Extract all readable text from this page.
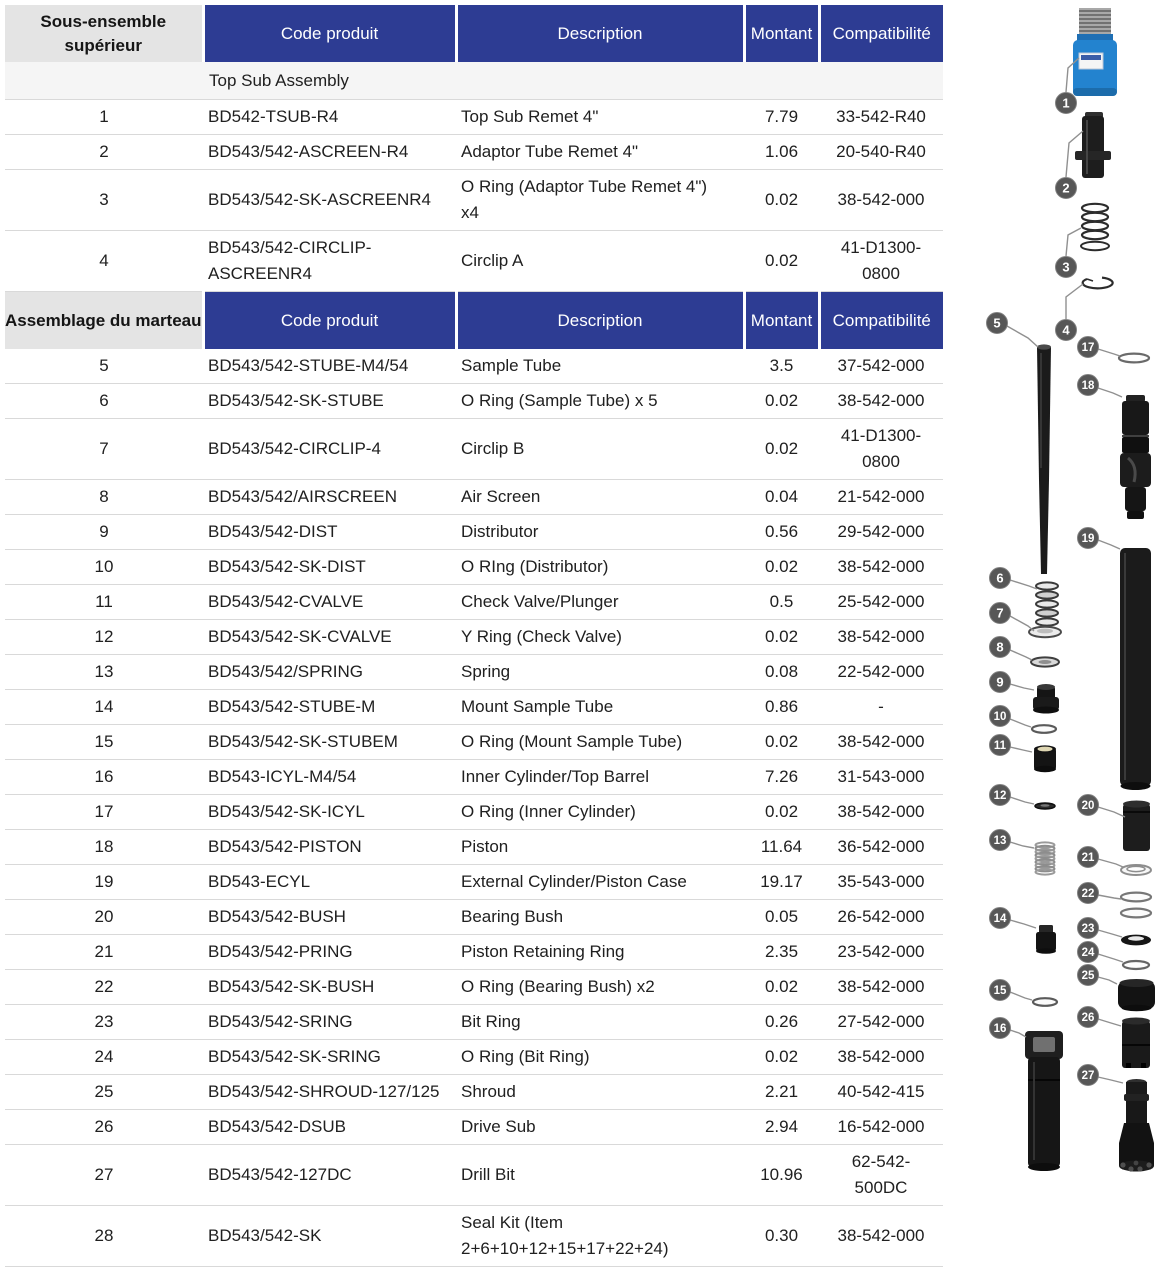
Sous-ensemble supérieur	Code produit	Description	Montant	Compatibilité
	Top Sub Assembly			
1	BD542-TSUB-R4	Top Sub Remet 4"	7.79	33-542-R40
2	BD543/542-ASCREEN-R4	Adaptor Tube Remet 4"	1.06	20-540-R40
3	BD543/542-SK-ASCREENR4	O Ring (Adaptor Tube Remet 4") x4	0.02	38-542-000
4	BD543/542-CIRCLIP-ASCREENR4	Circlip A	0.02	41-D1300-0800
Assemblage du marteau	Code produit	Description	Montant	Compatibilité
5	BD543/542-STUBE-M4/54	Sample Tube	3.5	37-542-000
6	BD543/542-SK-STUBE	O Ring (Sample Tube) x 5	0.02	38-542-000
7	BD543/542-CIRCLIP-4	Circlip B	0.02	41-D1300-0800
8	BD543/542/AIRSCREEN	Air Screen	0.04	21-542-000
9	BD543/542-DIST	Distributor	0.56	29-542-000
10	BD543/542-SK-DIST	O RIng (Distributor)	0.02	38-542-000
11	BD543/542-CVALVE	Check Valve/Plunger	0.5	25-542-000
12	BD543/542-SK-CVALVE	Y Ring (Check Valve)	0.02	38-542-000
13	BD543/542/SPRING	Spring	0.08	22-542-000
14	BD543/542-STUBE-M	Mount Sample Tube	0.86	-
15	BD543/542-SK-STUBEM	O Ring (Mount Sample Tube)	0.02	38-542-000
16	BD543-ICYL-M4/54	Inner Cylinder/Top Barrel	7.26	31-543-000
17	BD543/542-SK-ICYL	O Ring (Inner Cylinder)	0.02	38-542-000
18	BD543/542-PISTON	Piston	11.64	36-542-000
19	BD543-ECYL	External Cylinder/Piston Case	19.17	35-543-000
20	BD543/542-BUSH	Bearing Bush	0.05	26-542-000
21	BD543/542-PRING	Piston Retaining Ring	2.35	23-542-000
22	BD543/542-SK-BUSH	O Ring (Bearing Bush) x2	0.02	38-542-000
23	BD543/542-SRING	Bit Ring	0.26	27-542-000
24	BD543/542-SK-SRING	O Ring (Bit Ring)	0.02	38-542-000
25	BD543/542-SHROUD-127/125	Shroud	2.21	40-542-415
26	BD543/542-DSUB	Drive Sub	2.94	16-542-000
27	BD543/542-127DC	Drill Bit	10.96	62-542-500DC
28	BD543/542-SK	Seal Kit (Item 2+6+10+12+15+17+22+24)	0.30	38-542-000
1
2
3
4
5
6
7
8
9
10
11
12
13
14
15
16
17
18
19
20
21
22
23
24
25
26
27
